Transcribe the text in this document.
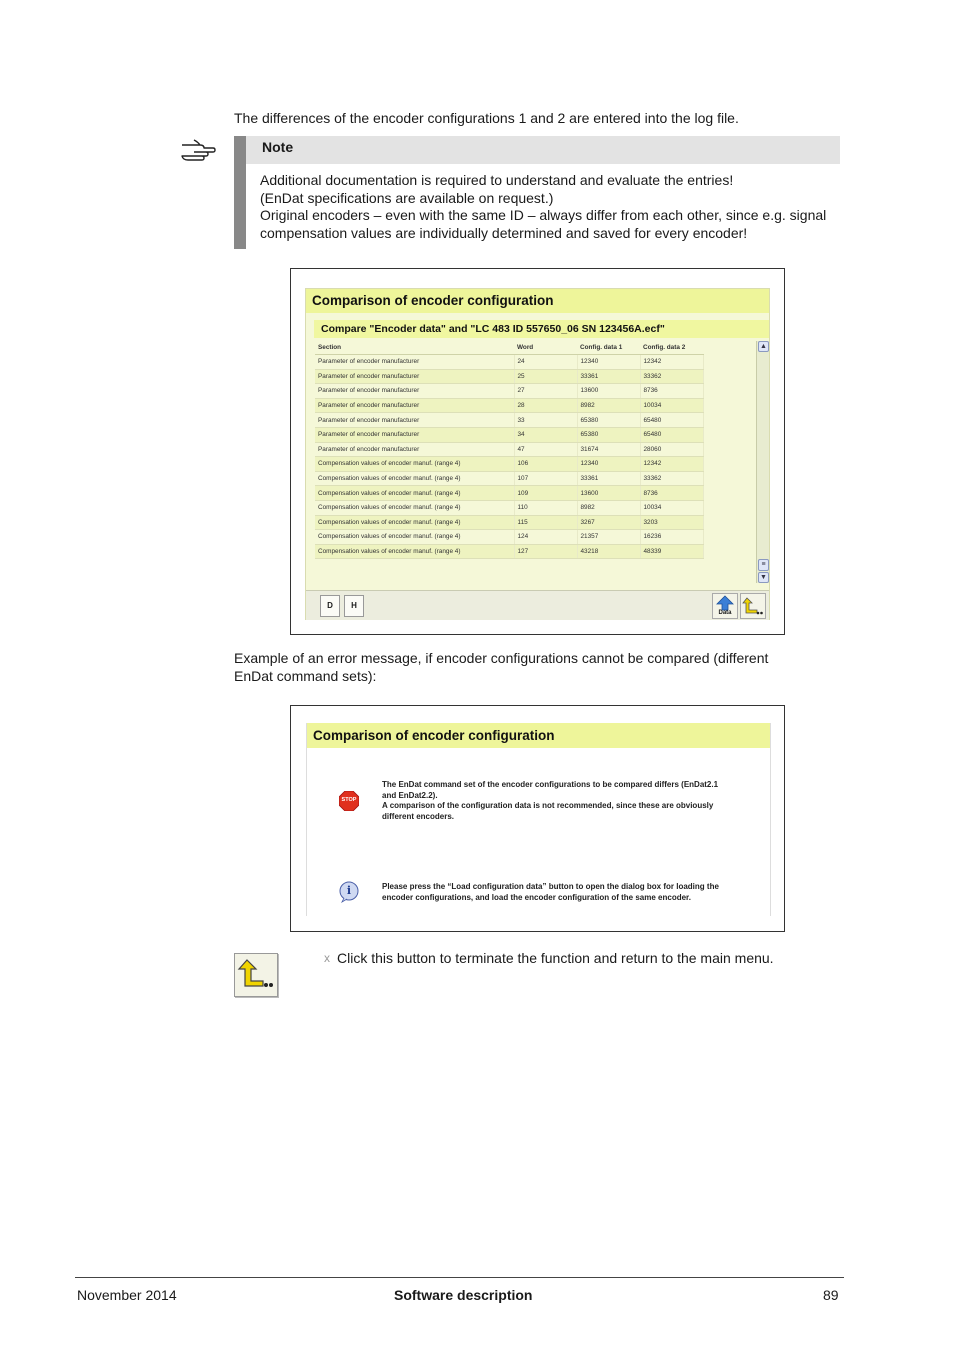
The differences of the encoder configurations 1 and 2 are entered into the log file.
Note
Additional documentation is required to understand and evaluate the entries!
(EnDat specifications are available on request.)
Original encoders – even with the same ID – always differ from each other, since e.g. signal
compensation values are individually determined and saved for every encoder!
Comparison of encoder configuration
Compare "Encoder data" and "LC 483 ID 557650_06 SN 123456A.ecf"
Section	Word	Config. data 1	Config. data 2
Parameter of encoder manufacturer	24	12340	12342
Parameter of encoder manufacturer	25	33361	33362
Parameter of encoder manufacturer	27	13600	8736
Parameter of encoder manufacturer	28	8982	10034
Parameter of encoder manufacturer	33	65380	65480
Parameter of encoder manufacturer	34	65380	65480
Parameter of encoder manufacturer	47	31674	28060
Compensation values of encoder manuf. (range 4)	106	12340	12342
Compensation values of encoder manuf. (range 4)	107	33361	33362
Compensation values of encoder manuf. (range 4)	109	13600	8736
Compensation values of encoder manuf. (range 4)	110	8982	10034
Compensation values of encoder manuf. (range 4)	115	3267	3203
Compensation values of encoder manuf. (range 4)	124	21357	16236
Compensation values of encoder manuf. (range 4)	127	43218	48339
▲
≡
▼
D	H
Data
Example of an error message, if encoder configurations cannot be compared (different
EnDat command sets):
Comparison of encoder configuration
STOP
The EnDat command set of the encoder configurations to be compared differs (EnDat2.1
and EnDat2.2).
A comparison of the configuration data is not recommended, since these are obviously
different encoders.
i	Please press the “Load configuration data” button to open the dialog box for loading the
encoder configurations, and load the encoder configuration of the same encoder.
x Click this button to terminate the function and return to the main menu.
November 2014	Software description	89
